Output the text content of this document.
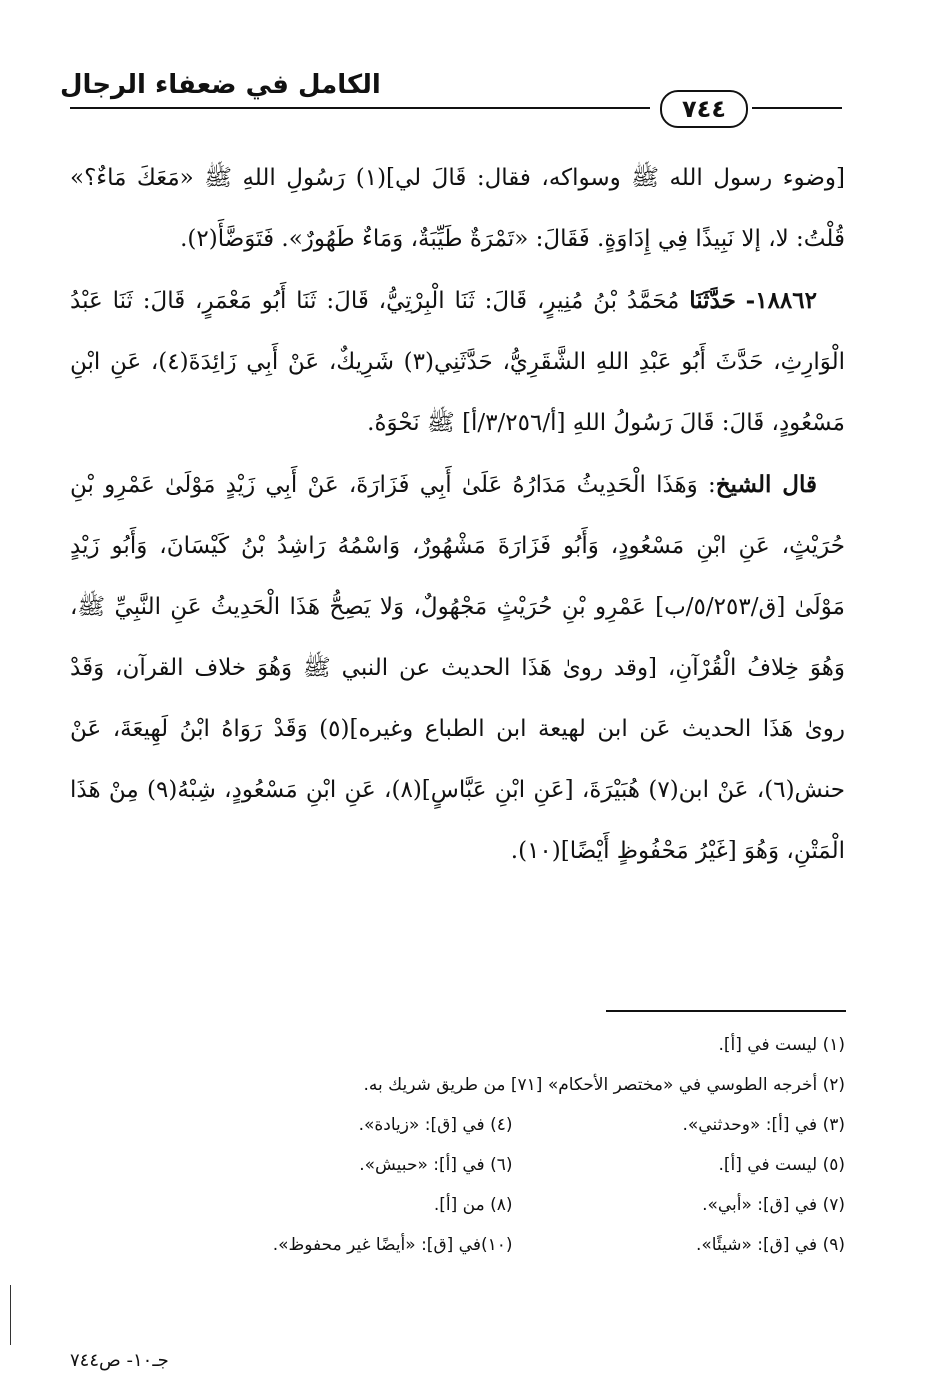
الكامل في ضعفاء الرجال
٧٤٤

[وضوء رسول الله ﷺ وسواكه، فقال: قَالَ لي](١) رَسُولِ اللهِ ﷺ «مَعَكَ مَاءٌ؟» قُلْتُ: لا، إلا نَبِيذًا فِي إِدَاوَةٍ. فَقَالَ: «تَمْرَةٌ طَيِّبَةٌ، وَمَاءٌ طَهُورٌ». فَتَوَضَّأَ(٢).

١٨٨٦٢- حَدَّثَنَا مُحَمَّدُ بْنُ مُنِيرٍ، قَالَ: ثَنَا الْبِرْتِيُّ، قَالَ: ثَنَا أَبُو مَعْمَرٍ، قَالَ: ثَنَا عَبْدُ الْوَارِثِ، حَدَّثَ أَبُو عَبْدِ اللهِ الشَّقَرِيُّ، حَدَّثَنِي(٣) شَرِيكٌ، عَنْ أَبِي زَائِدَةَ(٤)، عَنِ ابْنِ مَسْعُودٍ، قَالَ: قَالَ رَسُولُ اللهِ [أ/٣/٢٥٦/أ] ﷺ نَحْوَهُ.

قال الشيخ: وَهَذَا الْحَدِيثُ مَدَارُهُ عَلَىٰ أَبِي فَزَارَةَ، عَنْ أَبِي زَيْدٍ مَوْلَىٰ عَمْرِو بْنِ حُرَيْثٍ، عَنِ ابْنِ مَسْعُودٍ، وَأَبُو فَزَارَةَ مَشْهُورٌ، وَاسْمُهُ رَاشِدُ بْنُ كَيْسَانَ، وَأَبُو زَيْدٍ مَوْلَىٰ [ق/٥/٢٥٣/ب] عَمْرِو بْنِ حُرَيْثٍ مَجْهُولٌ، وَلا يَصِحُّ هَذَا الْحَدِيثُ عَنِ النَّبِيِّ ﷺ، وَهُوَ خِلافُ الْقُرْآنِ، [وقد روىٰ هَذَا الحديث عن النبي ﷺ وَهُوَ خلاف القرآن، وَقَدْ روىٰ هَذَا الحديث عَن ابن لهيعة ابن الطباع وغيره](٥) وَقَدْ رَوَاهُ ابْنُ لَهِيعَةَ، عَنْ حنش(٦)، عَنْ ابن(٧) هُبَيْرَةَ، [عَنِ ابْنِ عَبَّاسٍ](٨)، عَنِ ابْنِ مَسْعُودٍ، شِبْهُ(٩) مِنْ هَذَا الْمَتْنِ، وَهُوَ [غَيْرُ مَحْفُوظٍ أَيْضًا](١٠).

(١) ليست في [أ].
(٢) أخرجه الطوسي في «مختصر الأحكام» [٧١] من طريق شريك به.
(٣) في [أ]: «وحدثني».
(٤) في [ق]: «زيادة».
(٥) ليست في [أ].
(٦) في [أ]: «حبيش».
(٧) في [ق]: «أبي».
(٨) من [أ].
(٩) في [ق]: «شيئًا».
(١٠)في [ق]: «أيضًا غير محفوظ».
جـ١٠- ص٧٤٤
